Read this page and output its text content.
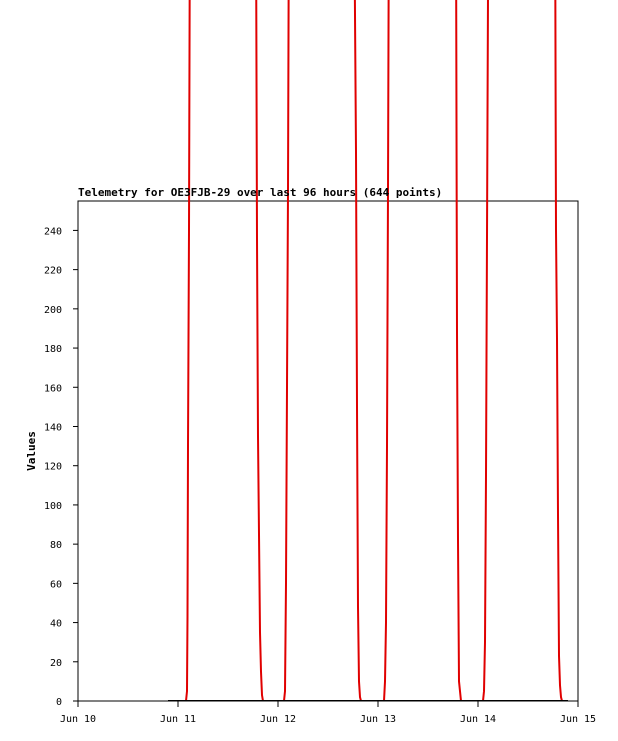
0
20
40
60
80
100
120
140
160
180
200
220
240
Jun 10	Jun 11	Jun 12	Jun 13	Jun 14	Jun 15
Telemetry for OE3FJB-29 over last 96 hours (644 points)
Values
